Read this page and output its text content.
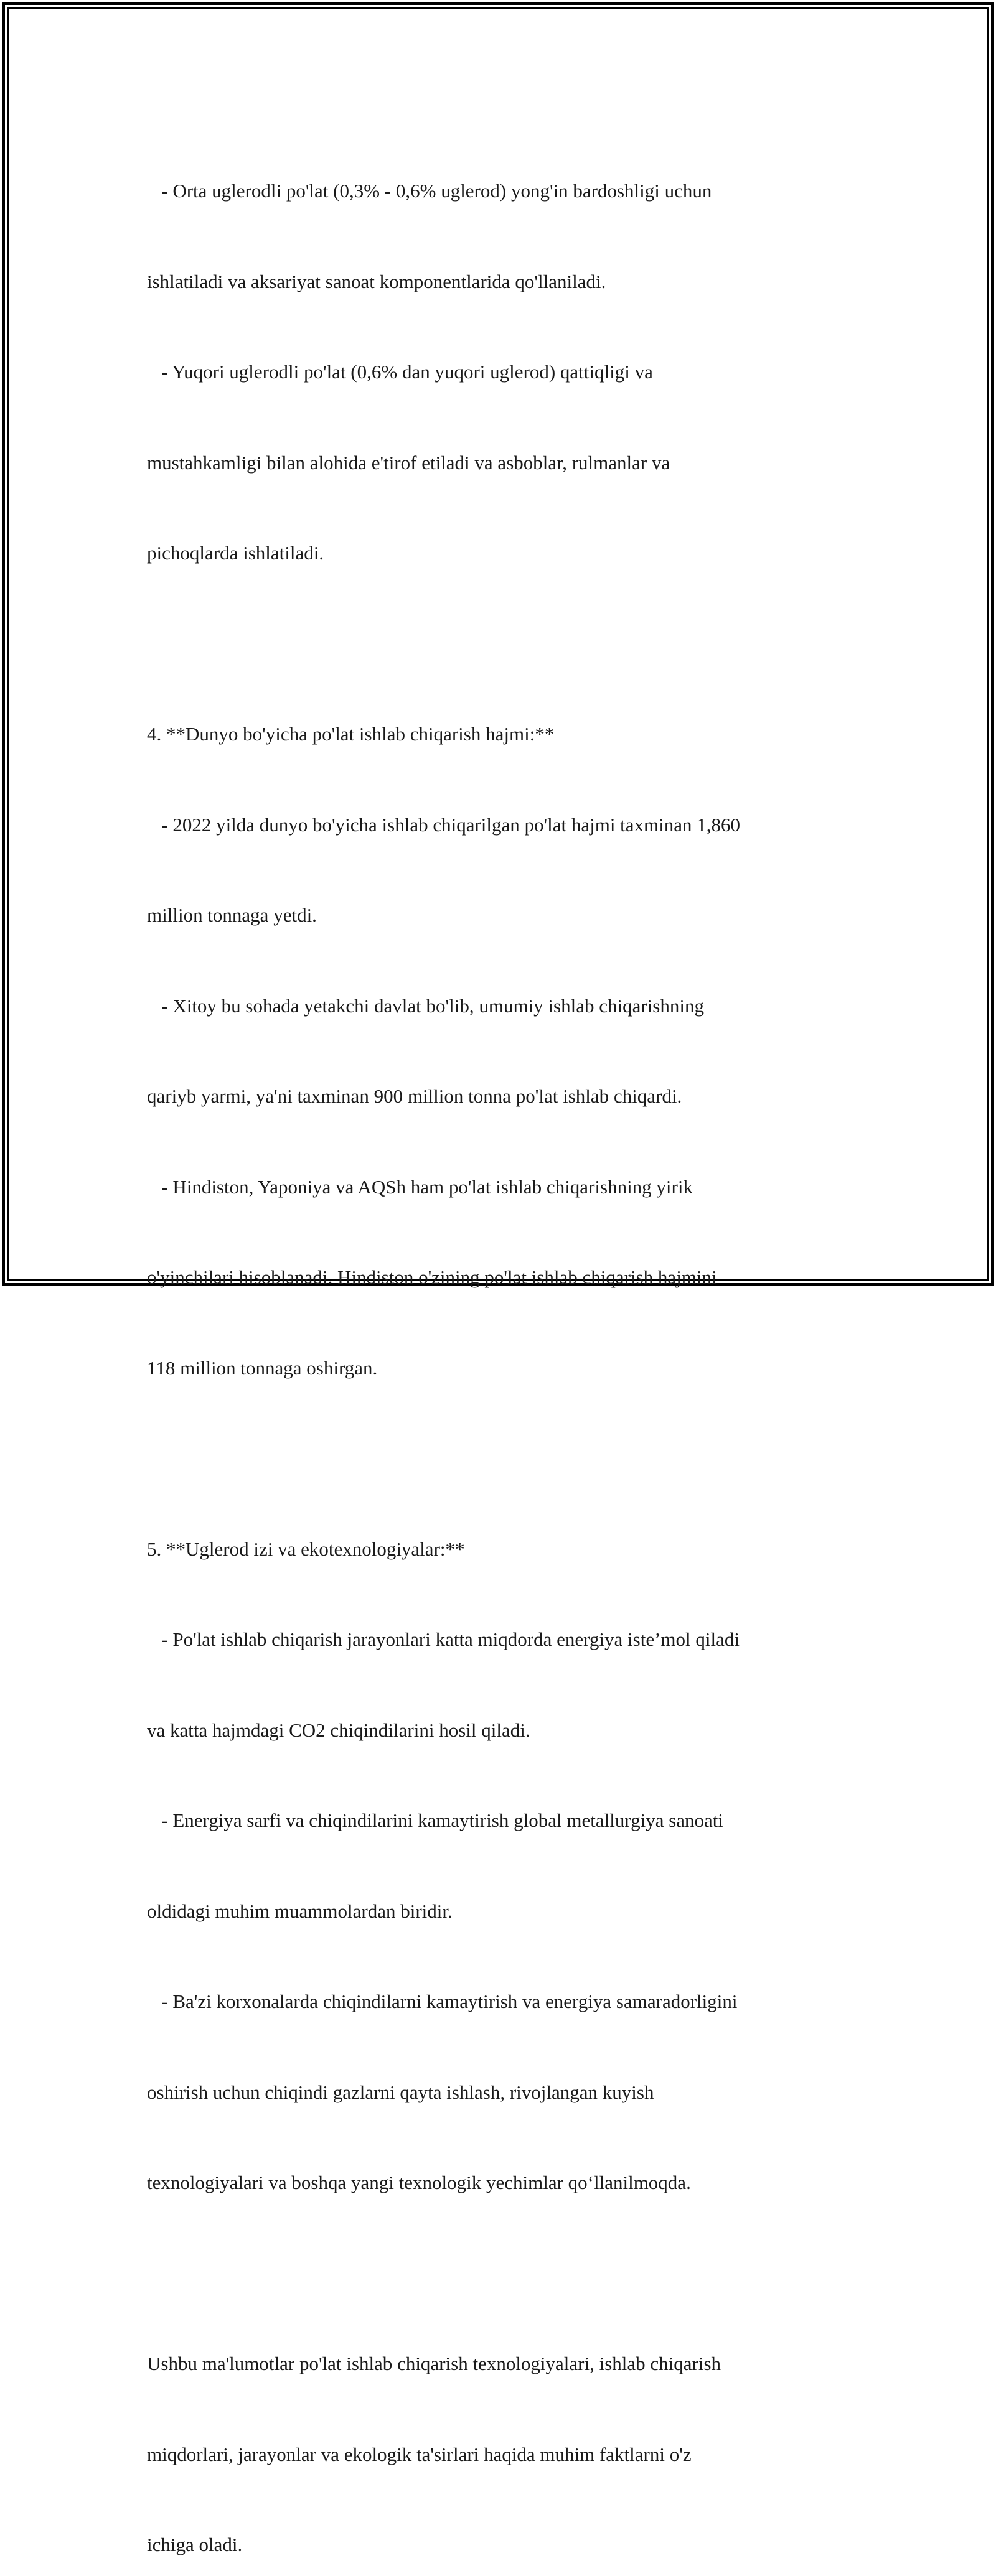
- Orta uglerodli po'lat (0,3% - 0,6% uglerod) yong'in bardoshligi uchun

ishlatiladi va aksariyat sanoat komponentlarida qo'llaniladi.

- Yuqori uglerodli po'lat (0,6% dan yuqori uglerod) qattiqligi va

mustahkamligi bilan alohida e'tirof etiladi va asboblar, rulmanlar va

pichoqlarda ishlatiladi.

4. **Dunyo bo'yicha po'lat ishlab chiqarish hajmi:**

- 2022 yilda dunyo bo'yicha ishlab chiqarilgan po'lat hajmi taxminan 1,860

million tonnaga yetdi.

- Xitoy bu sohada yetakchi davlat bo'lib, umumiy ishlab chiqarishning

qariyb yarmi, ya'ni taxminan 900 million tonna po'lat ishlab chiqardi.

- Hindiston, Yaponiya va AQSh ham po'lat ishlab chiqarishning yirik

o'yinchilari hisoblanadi. Hindiston o'zining po'lat ishlab chiqarish hajmini

118 million tonnaga oshirgan.

5. **Uglerod izi va ekotexnologiyalar:**

- Po'lat ishlab chiqarish jarayonlari katta miqdorda energiya iste’mol qiladi

va katta hajmdagi CO2 chiqindilarini hosil qiladi.

- Energiya sarfi va chiqindilarini kamaytirish global metallurgiya sanoati

oldidagi muhim muammolardan biridir.

- Ba'zi korxonalarda chiqindilarni kamaytirish va energiya samaradorligini

oshirish uchun chiqindi gazlarni qayta ishlash, rivojlangan kuyish

texnologiyalari va boshqa yangi texnologik yechimlar qo‘llanilmoqda.

Ushbu ma'lumotlar po'lat ishlab chiqarish texnologiyalari, ishlab chiqarish

miqdorlari, jarayonlar va ekologik ta'sirlari haqida muhim faktlarni o'z

ichiga oladi.
